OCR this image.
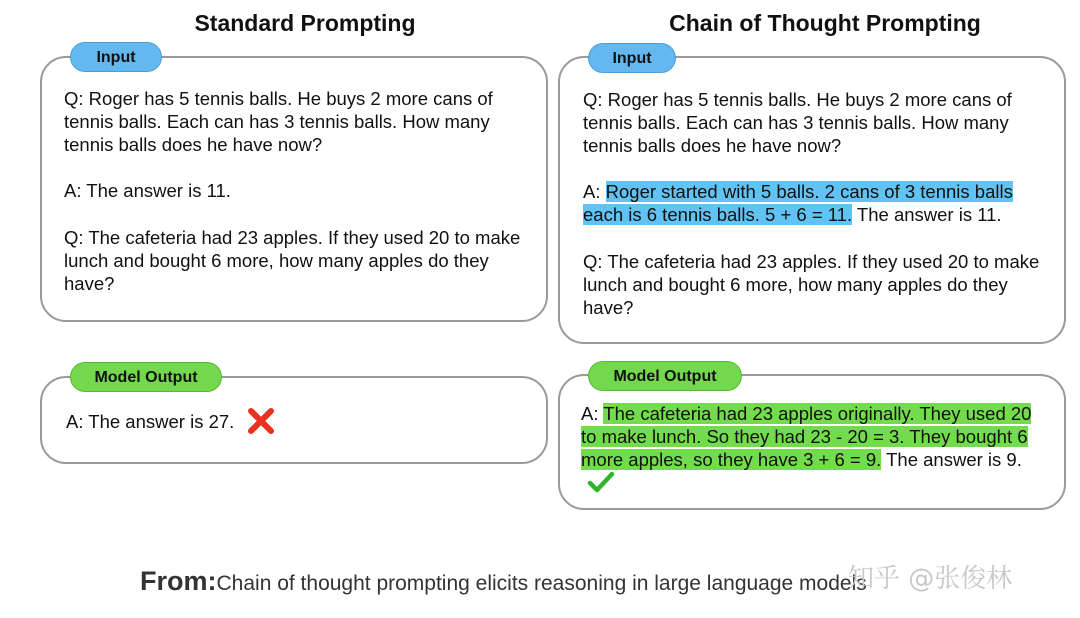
Standard Prompting	Chain of Thought Prompting
Input

Q: Roger has 5 tennis balls. He buys 2 more cans of tennis balls. Each can has 3 tennis balls. How many tennis balls does he have now?

A: The answer is 11.

Q: The cafeteria had 23 apples. If they used 20 to make lunch and bought 6 more, how many apples do they have?

Model Output

A: The answer is 27.

Input

Q: Roger has 5 tennis balls. He buys 2 more cans of tennis balls. Each can has 3 tennis balls. How many tennis balls does he have now?

A: Roger started with 5 balls. 2 cans of 3 tennis balls each is 6 tennis balls. 5 + 6 = 11. The answer is 11.

Q: The cafeteria had 23 apples. If they used 20 to make lunch and bought 6 more, how many apples do they have?

Model Output

A: The cafeteria had 23 apples originally. They used 20 to make lunch. So they had 23 - 20 = 3. They bought 6 more apples, so they have 3 + 6 = 9. The answer is 9.

From:Chain of thought prompting elicits reasoning in large language models
知乎 @张俊林
